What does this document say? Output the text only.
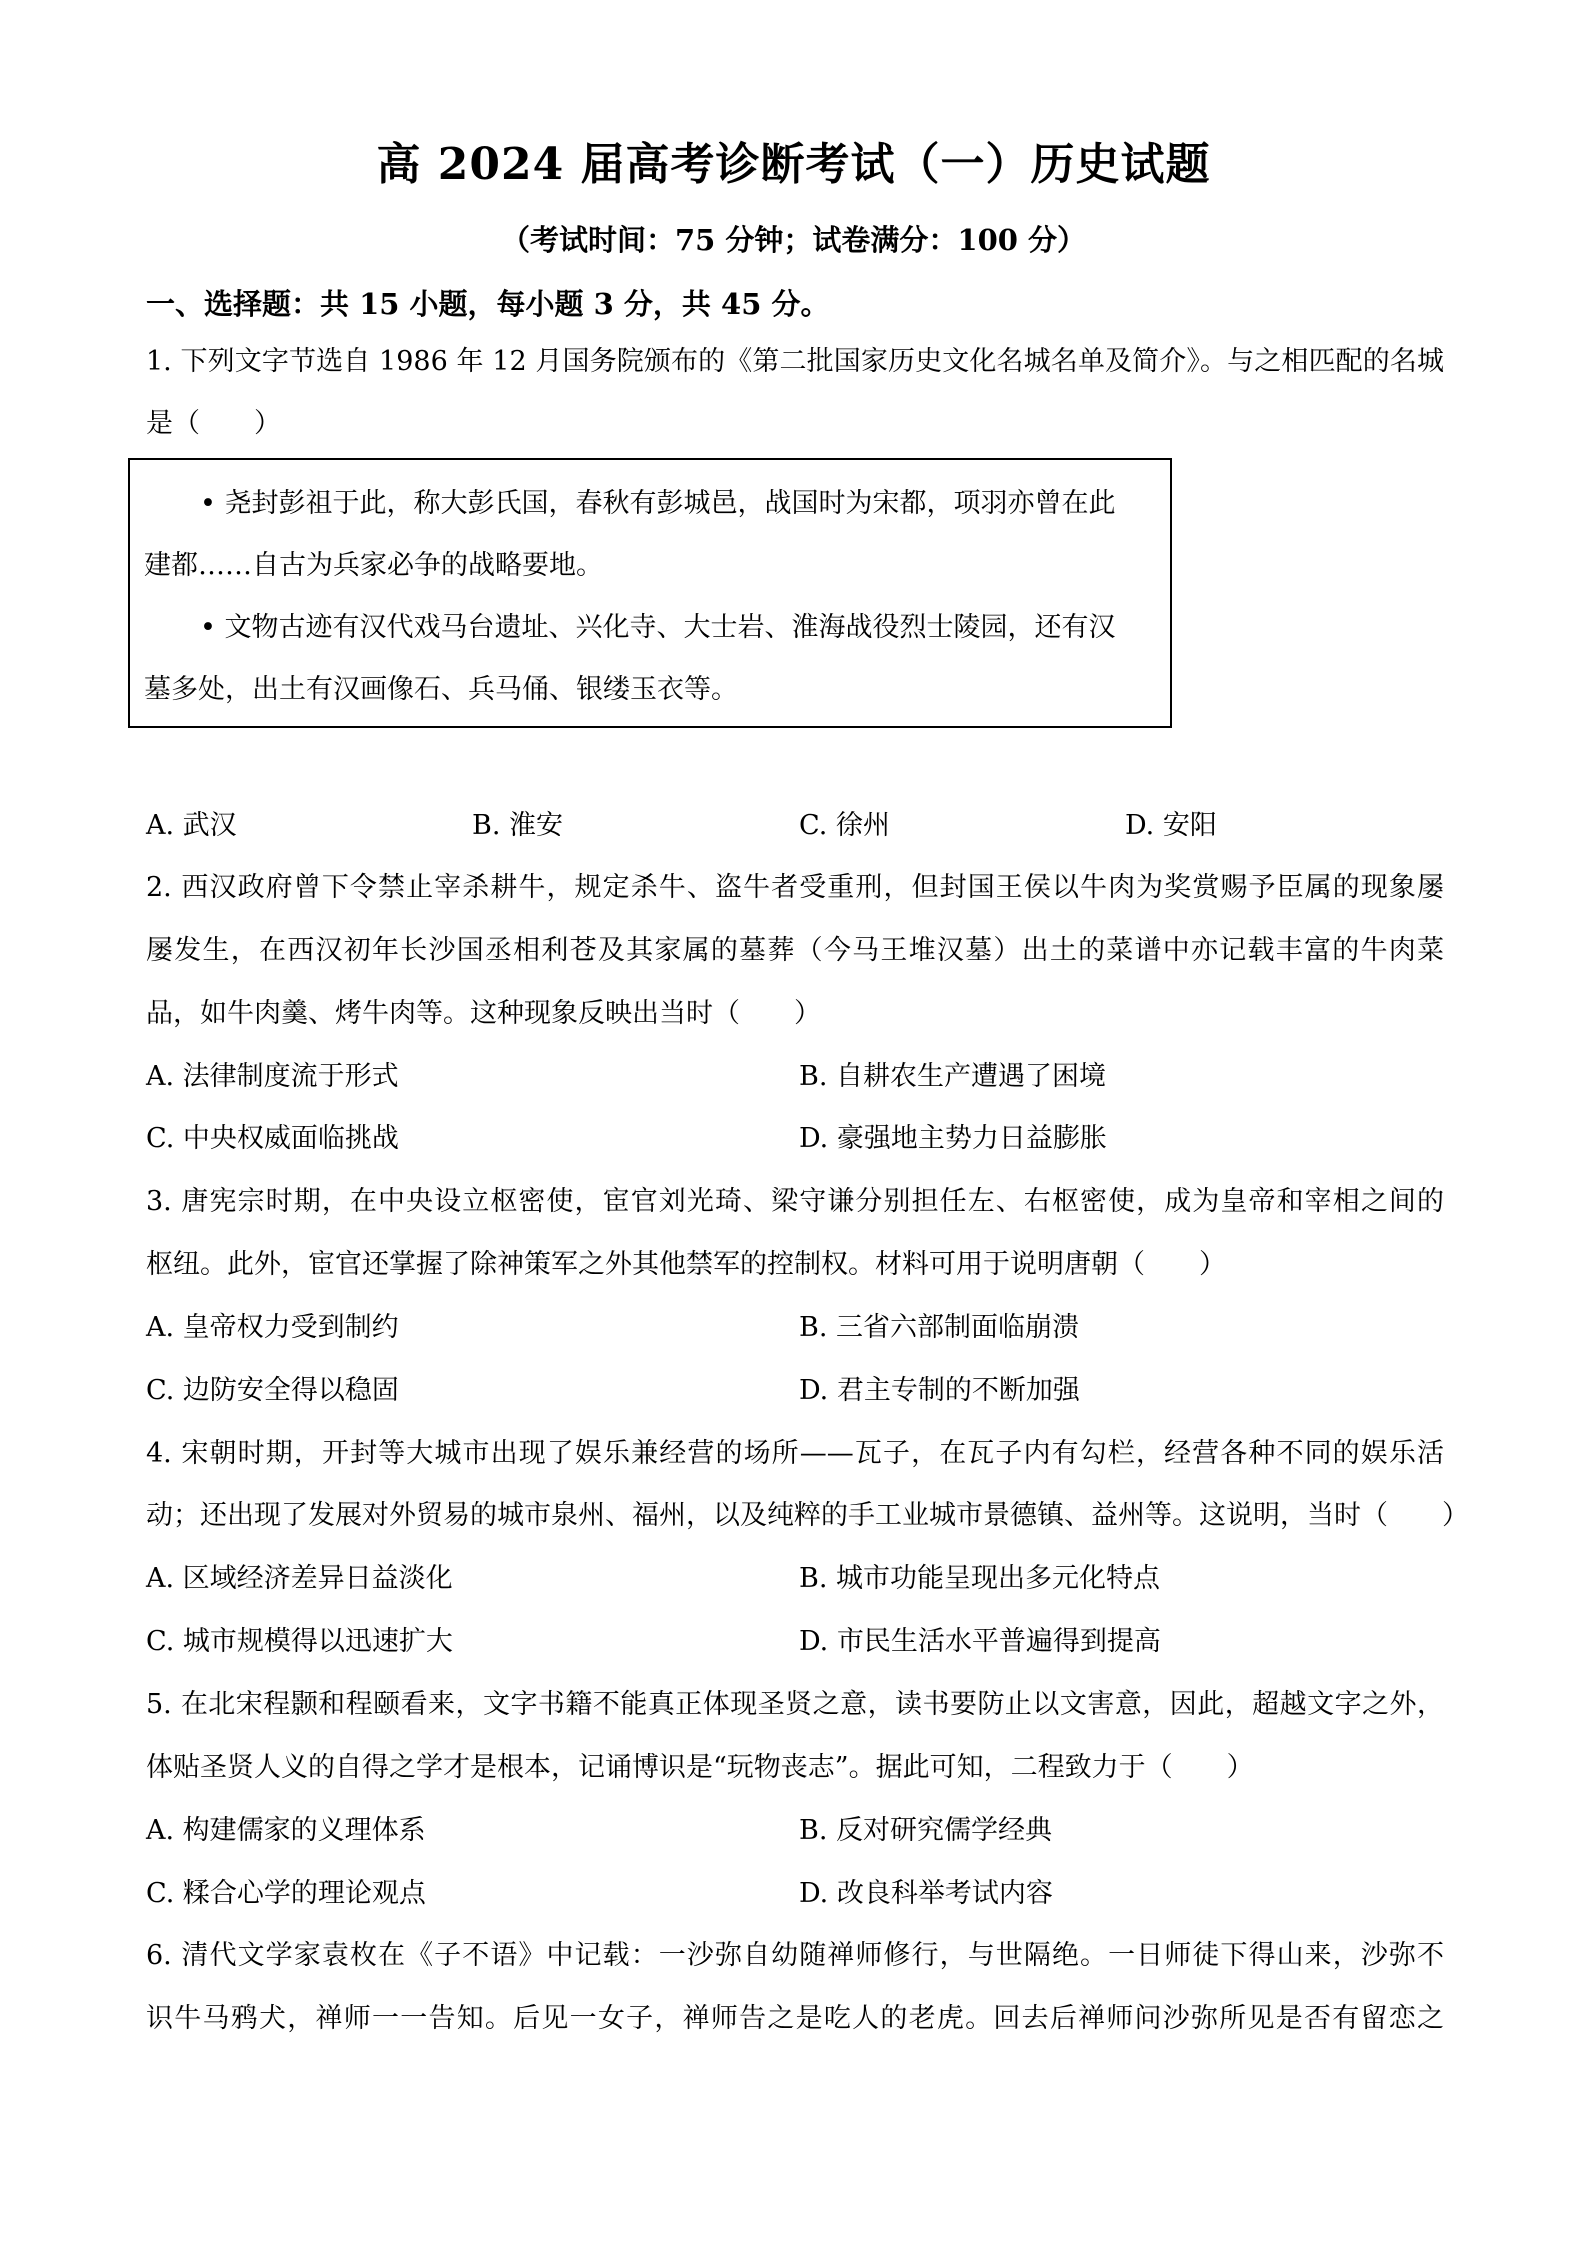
高 2024 届高考诊断考试（一）历史试题
（考试时间：75 分钟；试卷满分：100 分）
一、选择题：共 15 小题，每小题 3 分，共 45 分。
1. 下列文字节选自 1986 年 12 月国务院颁布的《第二批国家历史文化名城名单及简介》。与之相匹配的名城
是（　　）
• 尧封彭祖于此，称大彭氏国，春秋有彭城邑，战国时为宋都，项羽亦曾在此
建都……自古为兵家必争的战略要地。
• 文物古迹有汉代戏马台遗址、兴化寺、大士岩、淮海战役烈士陵园，还有汉
墓多处，出土有汉画像石、兵马俑、银缕玉衣等。
A. 武汉	B. 淮安	C. 徐州	D. 安阳
2. 西汉政府曾下令禁止宰杀耕牛，规定杀牛、盗牛者受重刑，但封国王侯以牛肉为奖赏赐予臣属的现象屡
屡发生，在西汉初年长沙国丞相利苍及其家属的墓葬（今马王堆汉墓）出土的菜谱中亦记载丰富的牛肉菜
品，如牛肉羹、烤牛肉等。这种现象反映出当时（　　）
A. 法律制度流于形式	B. 自耕农生产遭遇了困境
C. 中央权威面临挑战	D. 豪强地主势力日益膨胀
3. 唐宪宗时期，在中央设立枢密使，宦官刘光琦、梁守谦分别担任左、右枢密使，成为皇帝和宰相之间的
枢纽。此外，宦官还掌握了除神策军之外其他禁军的控制权。材料可用于说明唐朝（　　）
A. 皇帝权力受到制约	B. 三省六部制面临崩溃
C. 边防安全得以稳固	D. 君主专制的不断加强
4. 宋朝时期，开封等大城市出现了娱乐兼经营的场所——瓦子，在瓦子内有勾栏，经营各种不同的娱乐活
动；还出现了发展对外贸易的城市泉州、福州，以及纯粹的手工业城市景德镇、益州等。这说明，当时（　　）
A. 区域经济差异日益淡化	B. 城市功能呈现出多元化特点
C. 城市规模得以迅速扩大	D. 市民生活水平普遍得到提高
5. 在北宋程颢和程颐看来，文字书籍不能真正体现圣贤之意，读书要防止以文害意，因此，超越文字之外，
体贴圣贤人义的自得之学才是根本，记诵博识是“玩物丧志”。据此可知，二程致力于（　　）
A. 构建儒家的义理体系	B. 反对研究儒学经典
C. 糅合心学的理论观点	D. 改良科举考试内容
6. 清代文学家袁枚在《子不语》中记载：一沙弥自幼随禅师修行，与世隔绝。一日师徒下得山来，沙弥不
识牛马鸦犬，禅师一一告知。后见一女子，禅师告之是吃人的老虎。回去后禅师问沙弥所见是否有留恋之
